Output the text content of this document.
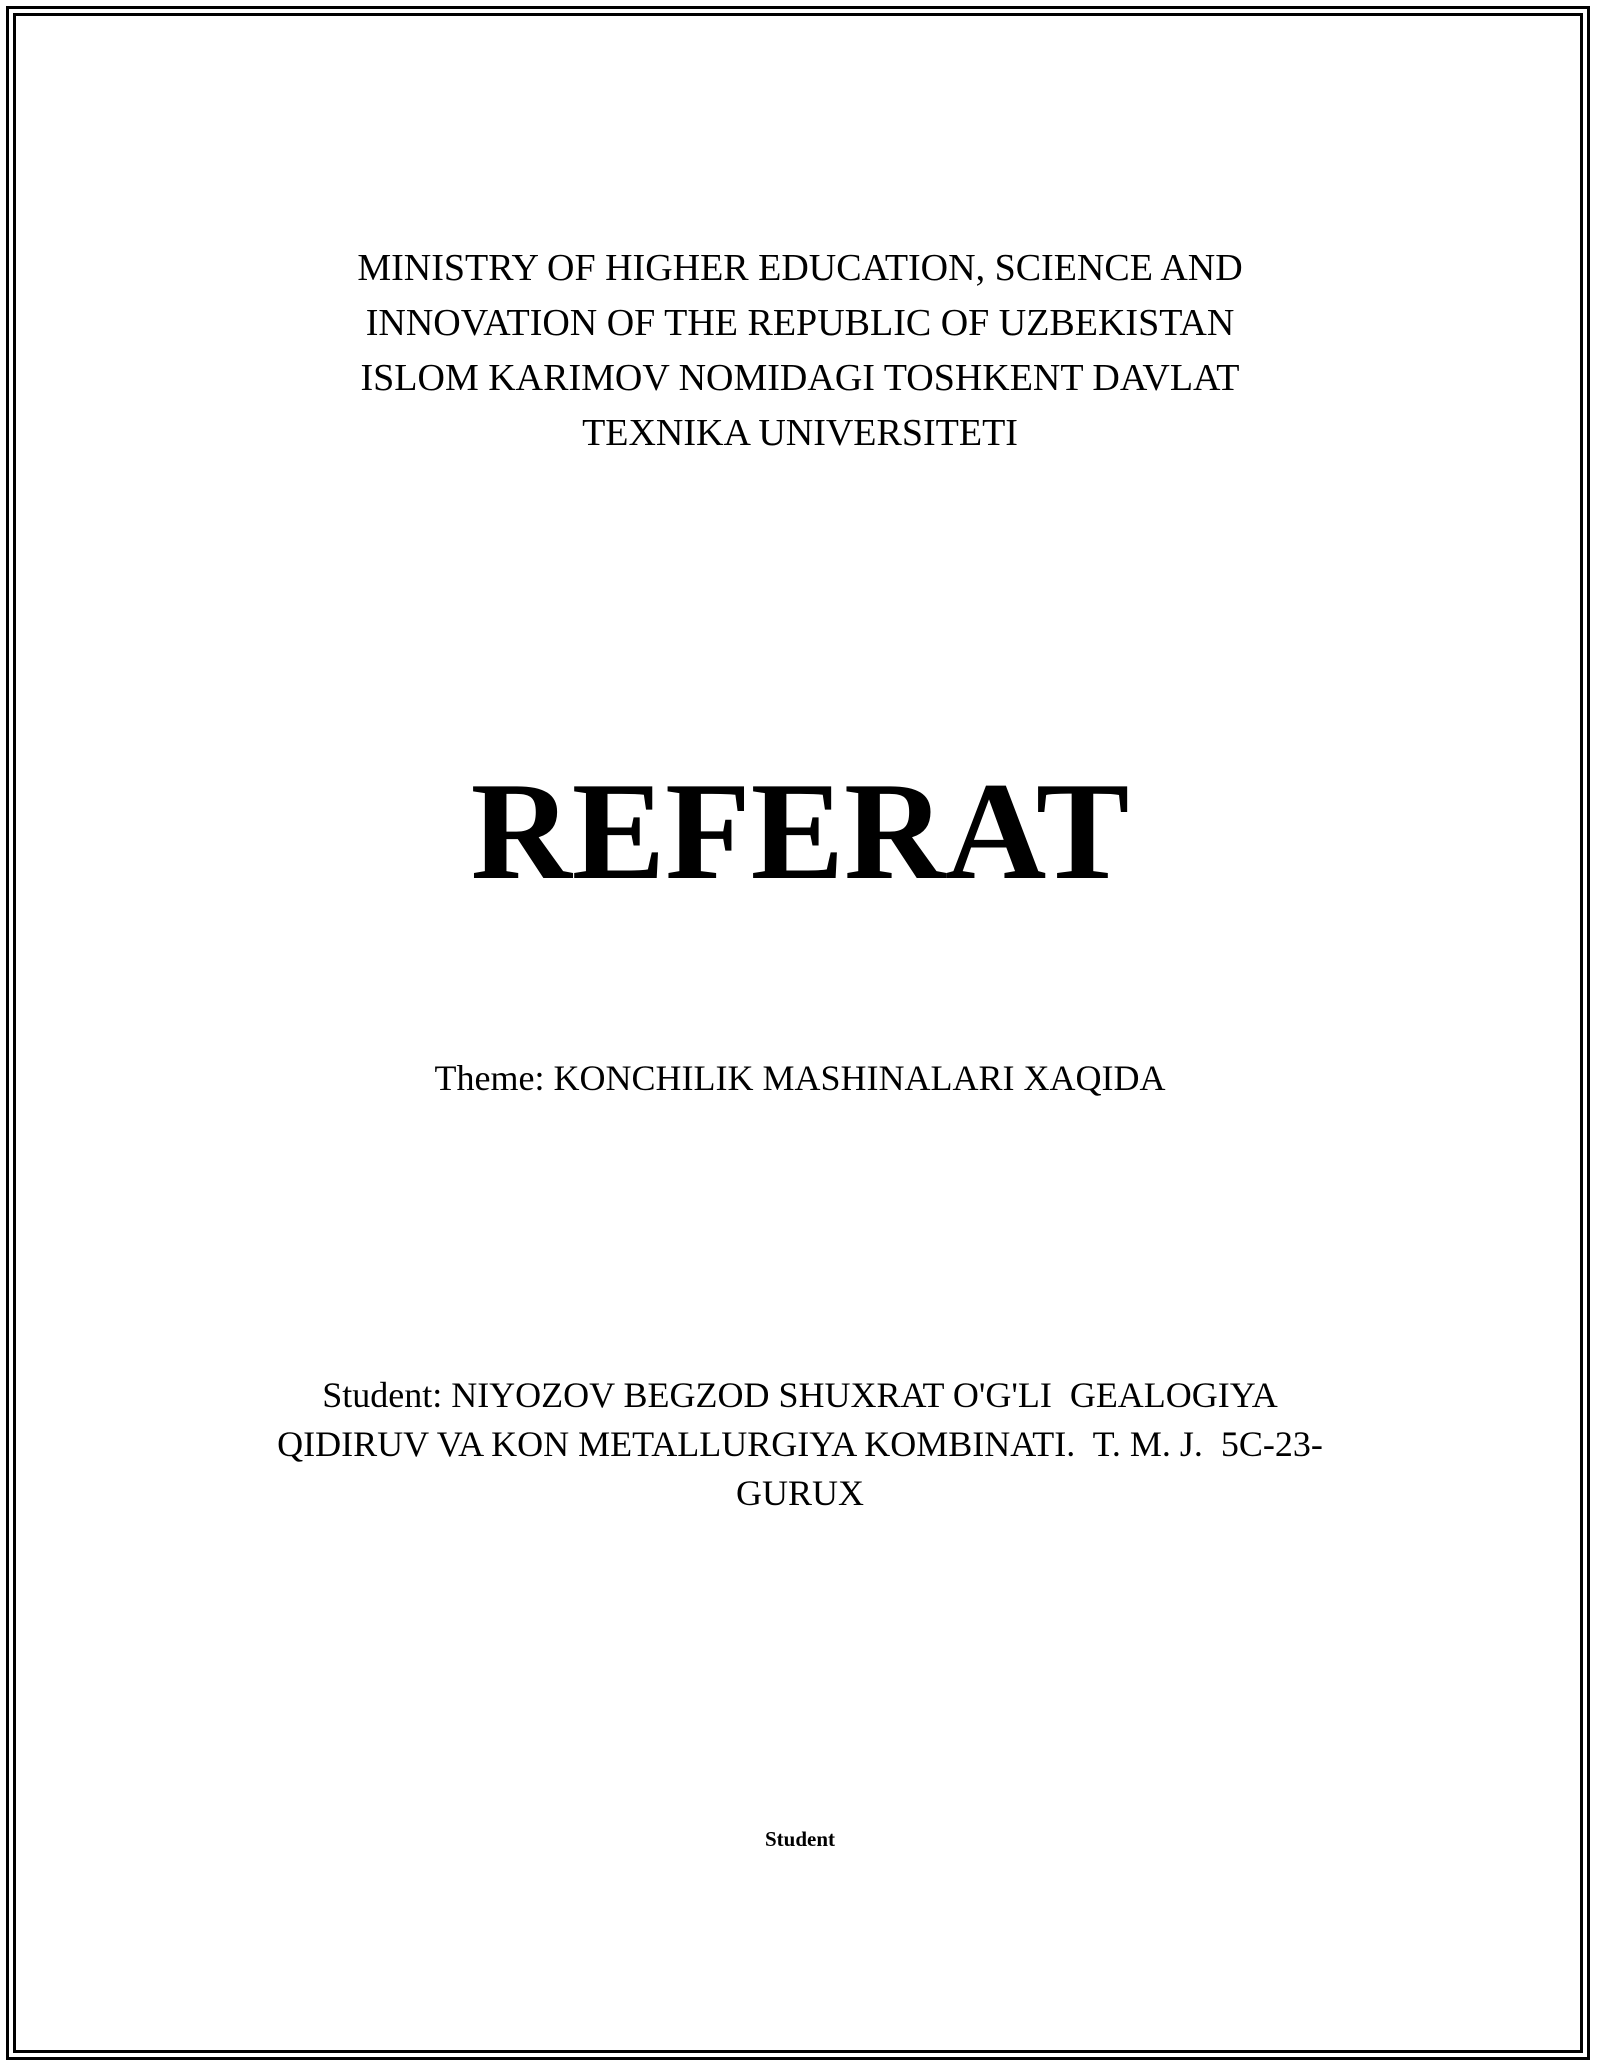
MINISTRY OF HIGHER EDUCATION, SCIENCE AND
INNOVATION OF THE REPUBLIC OF UZBEKISTAN
ISLOM KARIMOV NOMIDAGI TOSHKENT DAVLAT
TEXNIKA UNIVERSITETI
REFERAT
Theme: KONCHILIK MASHINALARI XAQIDA
Student: NIYOZOV BEGZOD SHUXRAT O'G'LI  GEALOGIYA
QIDIRUV VA KON METALLURGIYA KOMBINATI.  T. M. J.  5C-23-
GURUX
Student
